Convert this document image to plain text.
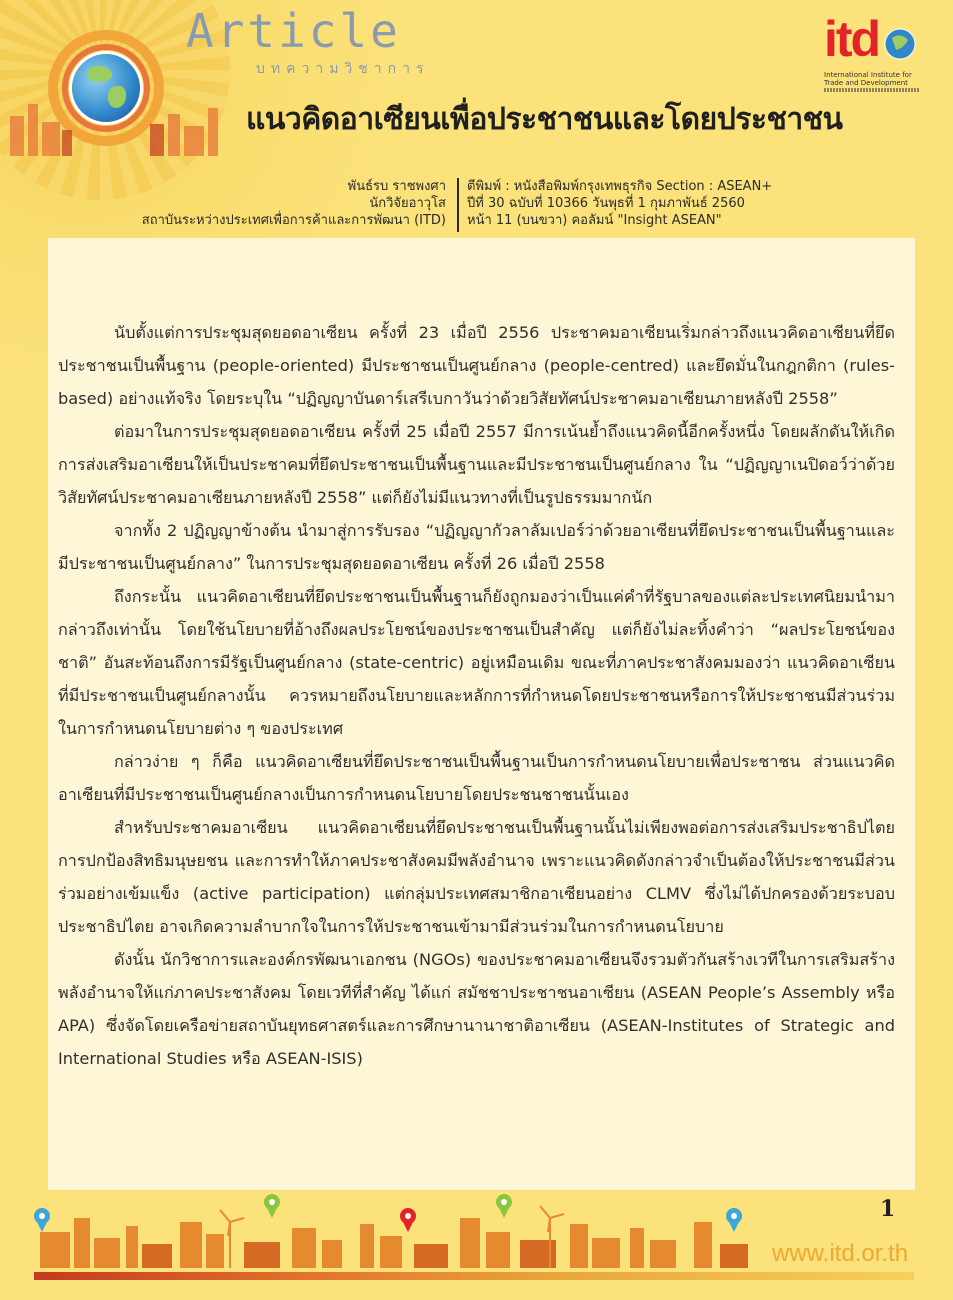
Article

บทความวิชาการ

แนวคิดอาเซียนเพื่อประชาชนและโดยประชาชน

itd

International Institute for Trade and Development

พันธ์รบ ราชพงศา

นักวิจัยอาวุโส

สถาบันระหว่างประเทศเพื่อการค้าและการพัฒนา (ITD)

ตีพิมพ์ : หนังสือพิมพ์กรุงเทพธุรกิจ Section : ASEAN+

ปีที่ 30 ฉบับที่ 10366 วันพุธที่ 1 กุมภาพันธ์ 2560

หน้า 11 (บนขวา) คอลัมน์ "Insight ASEAN"

นับตั้งแต่การประชุมสุดยอดอาเซียน ครั้งที่ 23 เมื่อปี 2556 ประชาคมอาเซียนเริ่มกล่าวถึงแนวคิดอาเซียนที่ยึดประชาชนเป็นพื้นฐาน (people-oriented) มีประชาชนเป็นศูนย์กลาง (people-centred) และยึดมั่นในกฎกติกา (rules-based) อย่างแท้จริง โดยระบุใน “ปฏิญญาบันดาร์เสรีเบกาวันว่าด้วยวิสัยทัศน์ประชาคมอาเซียนภายหลังปี 2558”

ต่อมาในการประชุมสุดยอดอาเซียน ครั้งที่ 25 เมื่อปี 2557 มีการเน้นย้ำถึงแนวคิดนี้อีกครั้งหนึ่ง โดยผลักดันให้เกิดการส่งเสริมอาเซียนให้เป็นประชาคมที่ยึดประชาชนเป็นพื้นฐานและมีประชาชนเป็นศูนย์กลาง ใน “ปฏิญญาเนปิดอว์ว่าด้วยวิสัยทัศน์ประชาคมอาเซียนภายหลังปี 2558” แต่ก็ยังไม่มีแนวทางที่เป็นรูปธรรมมากนัก

จากทั้ง 2 ปฏิญญาข้างต้น นำมาสู่การรับรอง “ปฏิญญากัวลาลัมเปอร์ว่าด้วยอาเซียนที่ยึดประชาชนเป็นพื้นฐานและมีประชาชนเป็นศูนย์กลาง” ในการประชุมสุดยอดอาเซียน ครั้งที่ 26 เมื่อปี 2558

ถึงกระนั้น แนวคิดอาเซียนที่ยึดประชาชนเป็นพื้นฐานก็ยังถูกมองว่าเป็นแค่คำที่รัฐบาลของแต่ละประเทศนิยมนำมากล่าวถึงเท่านั้น โดยใช้นโยบายที่อ้างถึงผลประโยชน์ของประชาชนเป็นสำคัญ แต่ก็ยังไม่ละทิ้งคำว่า “ผลประโยชน์ของชาติ” อันสะท้อนถึงการมีรัฐเป็นศูนย์กลาง (state-centric) อยู่เหมือนเดิม ขณะที่ภาคประชาสังคมมองว่า แนวคิดอาเซียนที่มีประชาชนเป็นศูนย์กลางนั้น ควรหมายถึงนโยบายและหลักการที่กำหนดโดยประชาชนหรือการให้ประชาชนมีส่วนร่วมในการกำหนดนโยบายต่าง ๆ ของประเทศ

กล่าวง่าย ๆ ก็คือ แนวคิดอาเซียนที่ยึดประชาชนเป็นพื้นฐานเป็นการกำหนดนโยบายเพื่อประชาชน ส่วนแนวคิดอาเซียนที่มีประชาชนเป็นศูนย์กลางเป็นการกำหนดนโยบายโดยประชนชาชนนั้นเอง

สำหรับประชาคมอาเซียน แนวคิดอาเซียนที่ยึดประชาชนเป็นพื้นฐานนั้นไม่เพียงพอต่อการส่งเสริมประชาธิปไตย การปกป้องสิทธิมนุษยชน และการทำให้ภาคประชาสังคมมีพลังอำนาจ เพราะแนวคิดดังกล่าวจำเป็นต้องให้ประชาชนมีส่วนร่วมอย่างเข้มแข็ง (active participation) แต่กลุ่มประเทศสมาชิกอาเซียนอย่าง CLMV ซึ่งไม่ได้ปกครองด้วยระบอบประชาธิปไตย อาจเกิดความลำบากใจในการให้ประชาชนเข้ามามีส่วนร่วมในการกำหนดนโยบาย

ดังนั้น นักวิชาการและองค์กรพัฒนาเอกชน (NGOs) ของประชาคมอาเซียนจึงรวมตัวกันสร้างเวทีในการเสริมสร้างพลังอำนาจให้แก่ภาคประชาสังคม โดยเวทีที่สำคัญ ได้แก่ สมัชชาประชาชนอาเซียน (ASEAN People’s Assembly หรือ APA) ซึ่งจัดโดยเครือข่ายสถาบันยุทธศาสตร์และการศึกษานานาชาติอาเซียน (ASEAN-Institutes of Strategic and International Studies หรือ ASEAN-ISIS)

1

www.itd.or.th
